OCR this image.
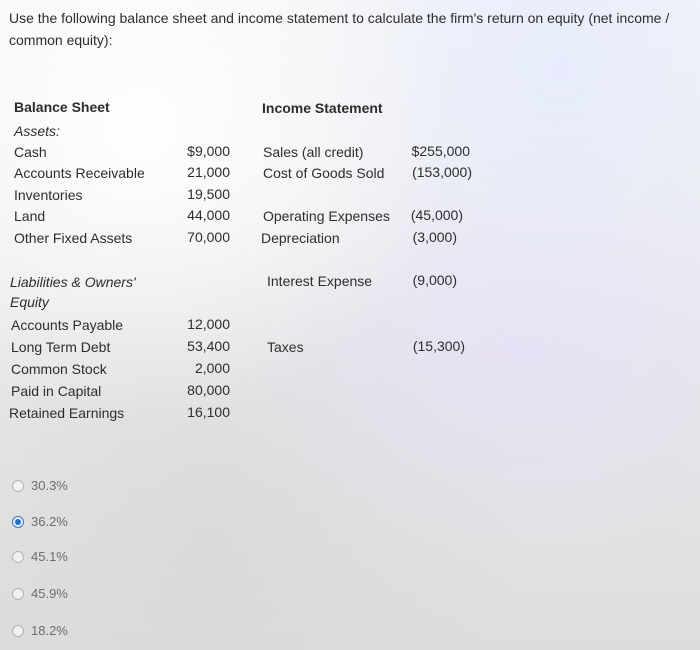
Use the following balance sheet and income statement to calculate the firm's return on equity (net income / common equity):
Balance Sheet
Assets:
Cash	$9,000
Accounts Receivable	21,000
Inventories	19,500
Land	44,000
Other Fixed Assets	70,000
Liabilities & Owners' Equity
Accounts Payable	12,000
Long Term Debt	53,400
Common Stock	2,000
Paid in Capital	80,000
Retained Earnings	16,100
Income Statement
Sales (all credit)	$255,000
Cost of Goods Sold	(153,000)
Operating Expenses	(45,000)
Depreciation	(3,000)
Interest Expense	(9,000)
Taxes	(15,300)
30.3%
36.2%
45.1%
45.9%
18.2%
